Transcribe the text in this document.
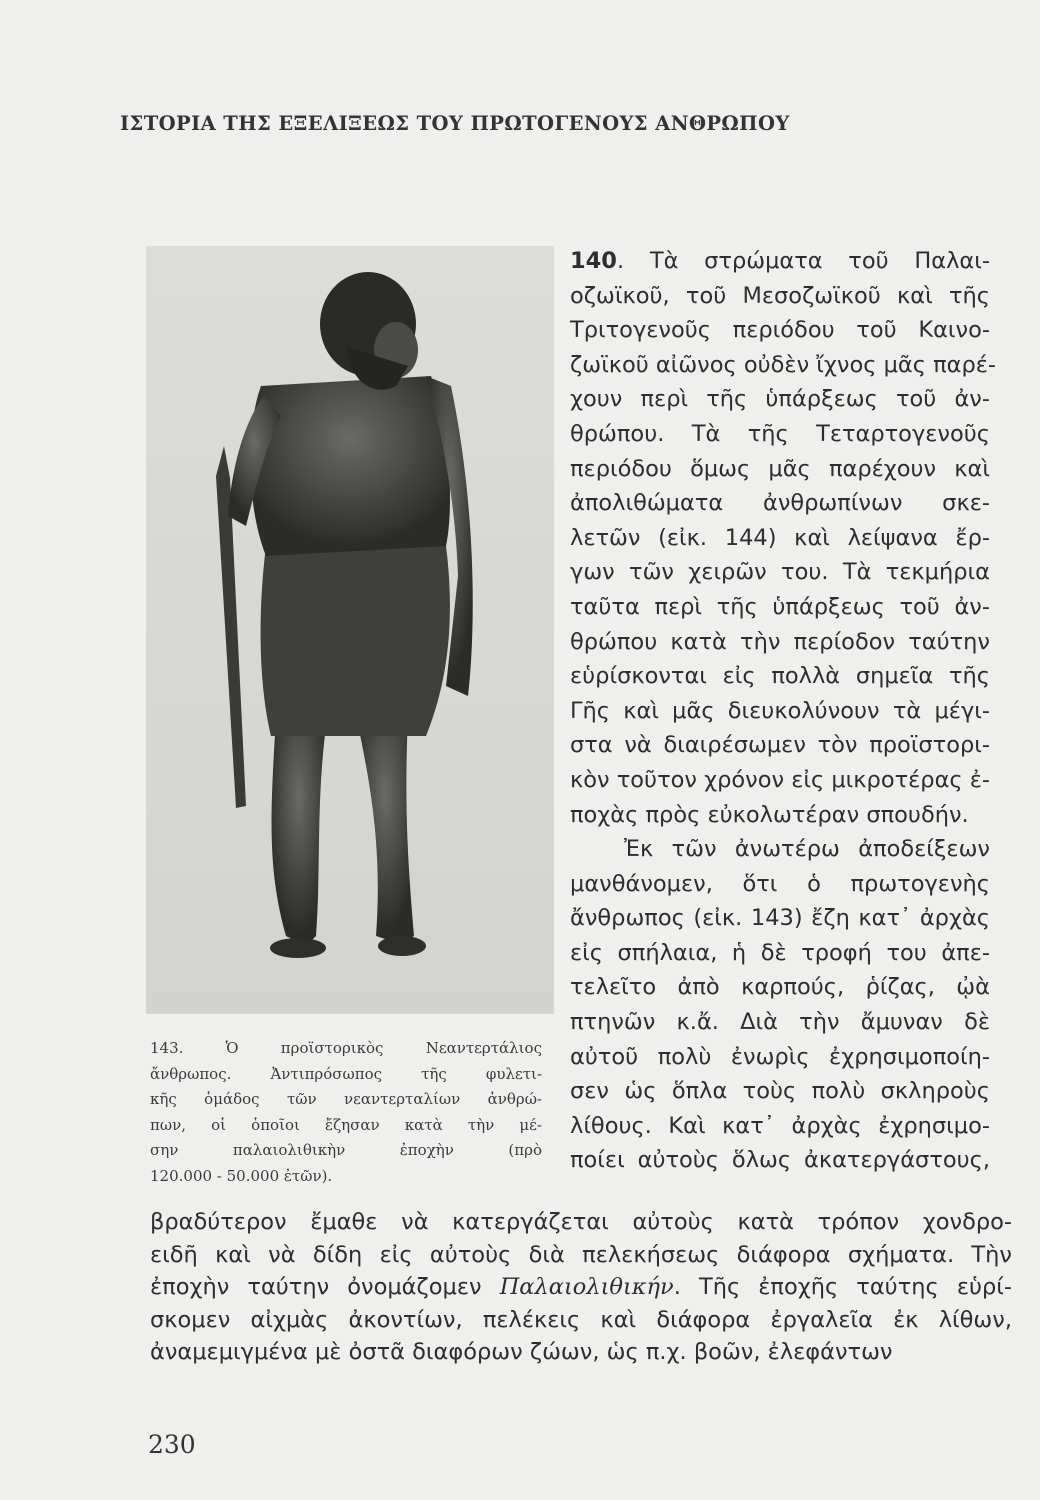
ΙΣΤΟΡΙΑ ΤΗΣ ΕΞΕΛΙΞΕΩΣ ΤΟΥ ΠΡΩΤΟΓΕΝΟΥΣ ΑΝΘΡΩΠΟΥ
143. Ὁ προϊστορικὸς Νεαντερτάλιος
ἄνθρωπος. Ἀντιπρόσωπος τῆς φυλετι-
κῆς ὁμάδος τῶν νεαντερταλίων ἀνθρώ-
πων, οἱ ὁποῖοι ἔζησαν κατὰ τὴν μέ-
σην παλαιολιθικὴν ἐποχὴν (πρὸ
120.000 - 50.000 ἐτῶν).
140. Τὰ στρώματα τοῦ Παλαι-
οζωϊκοῦ, τοῦ Μεσοζωϊκοῦ καὶ τῆς
Τριτογενοῦς περιόδου τοῦ Καινο-
ζωϊκοῦ αἰῶνος οὐδὲν ἴχνος μᾶς παρέ-
χουν περὶ τῆς ὑπάρξεως τοῦ ἀν-
θρώπου. Τὰ τῆς Τεταρτογενοῦς
περιόδου ὅμως μᾶς παρέχουν καὶ
ἀπολιθώματα ἀνθρωπίνων σκε-
λετῶν (εἰκ. 144) καὶ λείψανα ἔρ-
γων τῶν χειρῶν του. Τὰ τεκμήρια
ταῦτα περὶ τῆς ὑπάρξεως τοῦ ἀν-
θρώπου κατὰ τὴν περίοδον ταύτην
εὑρίσκονται εἰς πολλὰ σημεῖα τῆς
Γῆς καὶ μᾶς διευκολύνουν τὰ μέγι-
στα νὰ διαιρέσωμεν τὸν προϊστορι-
κὸν τοῦτον χρόνον εἰς μικροτέρας ἐ-
ποχὰς πρὸς εὐκολωτέραν σπουδήν.
Ἐκ τῶν ἀνωτέρω ἀποδείξεων
μανθάνομεν, ὅτι ὁ πρωτογενὴς
ἄνθρωπος (εἰκ. 143) ἔζη κατ᾽ ἀρχὰς
εἰς σπήλαια, ἡ δὲ τροφή του ἀπε-
τελεῖτο ἀπὸ καρπούς, ῥίζας, ᾠὰ
πτηνῶν κ.ἄ. Διὰ τὴν ἄμυναν δὲ
αὐτοῦ πολὺ ἐνωρὶς ἐχρησιμοποίη-
σεν ὡς ὅπλα τοὺς πολὺ σκληροὺς
λίθους. Καὶ κατ᾽ ἀρχὰς ἐχρησιμο-
ποίει αὐτοὺς ὅλως ἀκατεργάστους,
βραδύτερον ἔμαθε νὰ κατεργάζεται αὐτοὺς κατὰ τρόπον χονδρο-
ειδῆ καὶ νὰ δίδη εἰς αὐτοὺς διὰ πελεκήσεως διάφορα σχήματα. Τὴν
ἐποχὴν ταύτην ὀνομάζομεν Παλαιολιθικήν. Τῆς ἐποχῆς ταύτης εὑρί-
σκομεν αἰχμὰς ἀκοντίων, πελέκεις καὶ διάφορα ἐργαλεῖα ἐκ λίθων,
ἀναμεμιγμένα μὲ ὀστᾶ διαφόρων ζώων, ὡς π.χ. βοῶν, ἐλεφάντων
230
